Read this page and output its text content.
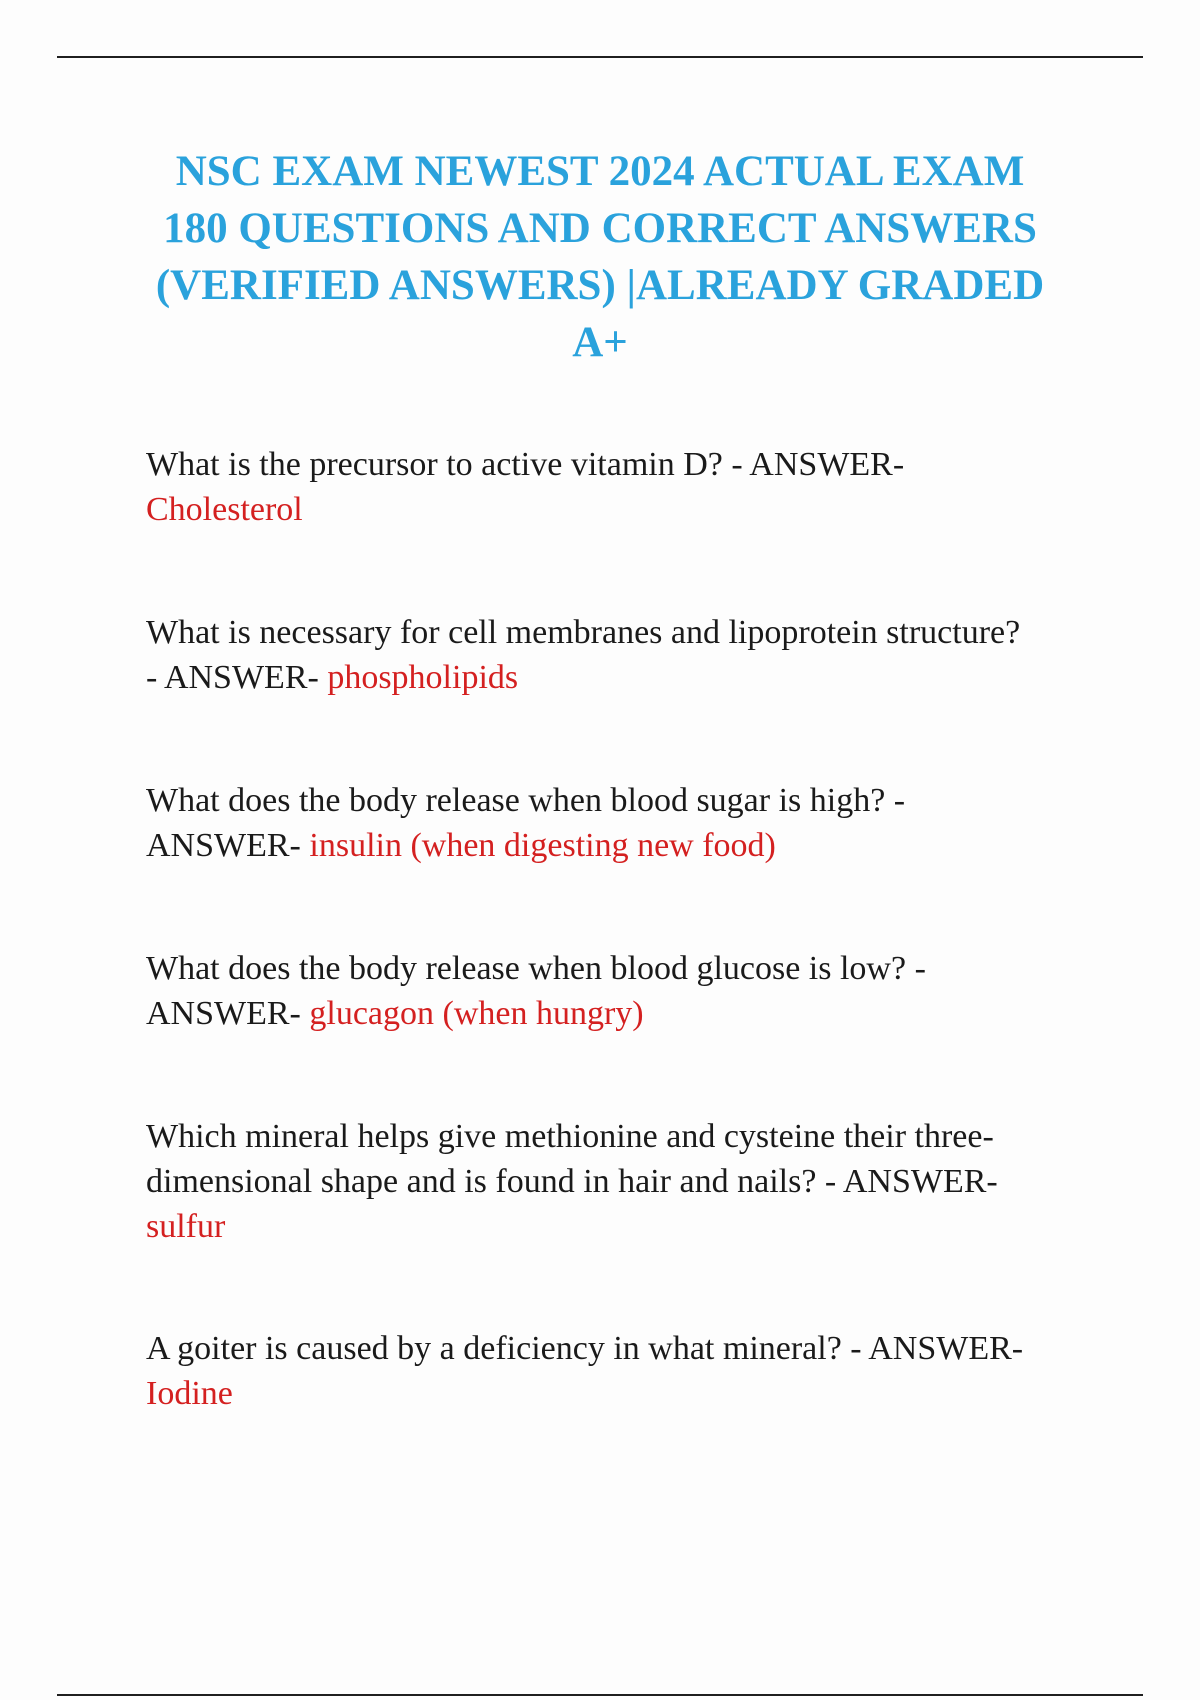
NSC EXAM NEWEST 2024 ACTUAL EXAM
180 QUESTIONS AND CORRECT ANSWERS
(VERIFIED ANSWERS) |ALREADY GRADED
A+
What is the precursor to active vitamin D? - ANSWER-
Cholesterol
What is necessary for cell membranes and lipoprotein structure?
- ANSWER- phospholipids
What does the body release when blood sugar is high? -
ANSWER- insulin (when digesting new food)
What does the body release when blood glucose is low? -
ANSWER- glucagon (when hungry)
Which mineral helps give methionine and cysteine their three-
dimensional shape and is found in hair and nails? - ANSWER-
sulfur
A goiter is caused by a deficiency in what mineral? - ANSWER-
Iodine
